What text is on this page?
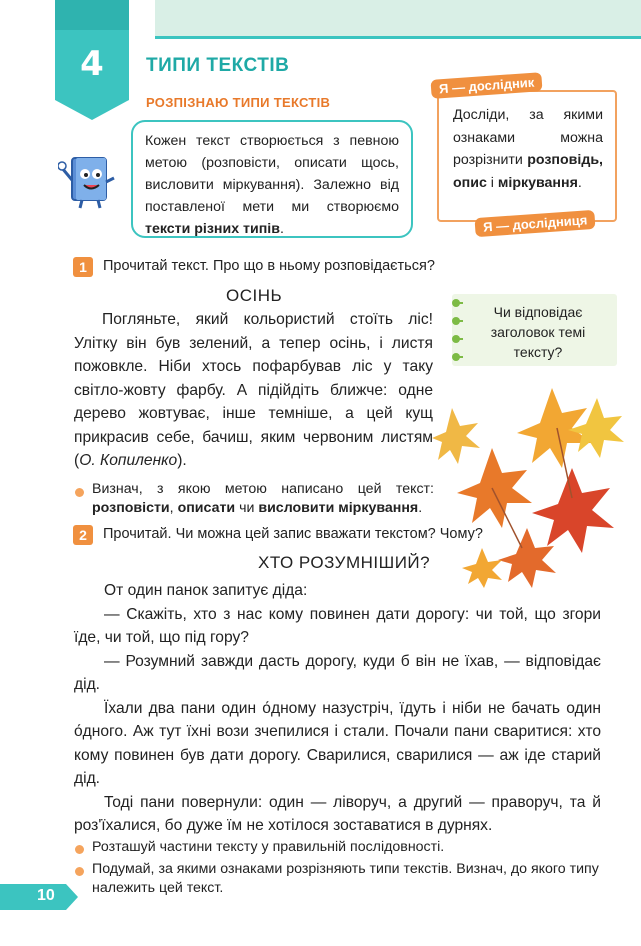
4	ТИПИ ТЕКСТІВ
РОЗПІЗНАЮ ТИПИ ТЕКСТІВ
Кожен текст створюється з певною метою (розповісти, описати щось, висловити міркування). Залежно від поставленої мети ми створюємо тексти різних типів.
Досліди, за якими ознаками можна розрізнити розповідь, опис і міркування.
Я — дослідник
Я — дослідниця
1	Прочитай текст. Про що в ньому розповідається?
ОСІНЬ
Погляньте, який кольористий стоїть ліс! Улітку він був зелений, а тепер осінь, і листя пожовкле. Ніби хтось пофарбував ліс у таку світло-жовту фарбу. А підійдіть ближче: одне дерево жовтуває, інше темніше, а цей кущ прикрасив себе, бачиш, яким червоним листям (О. Копиленко).
Чи відповідає заголовок темі тексту?
Визнач, з якою метою написано цей текст: розповісти, описати чи висловити міркування.
2	Прочитай. Чи можна цей запис вважати текстом? Чому?
ХТО РОЗУМНІШИЙ?
От один панок запитує діда:
— Скажіть, хто з нас кому повинен дати дорогу: чи той, що згори їде, чи той, що під гору?
— Розумний завжди дасть дорогу, куди б він не їхав, — відповідає дід.
Їхали два пани один о́дному назустріч, їдуть і ніби не бачать один о́дного. Аж тут їхні вози зчепилися і стали. Почали пани сваритися: хто кому повинен був дати дорогу. Сварилися, сварилися — аж іде старий дід.
Тоді пани повернули: один — ліворуч, а другий — праворуч, та й роз'їхалися, бо дуже їм не хотілося зоставатися в дурнях.
Розташуй частини тексту у правильній послідовності.
Подумай, за якими ознаками розрізняють типи текстів. Визнач, до якого типу належить цей текст.
10
